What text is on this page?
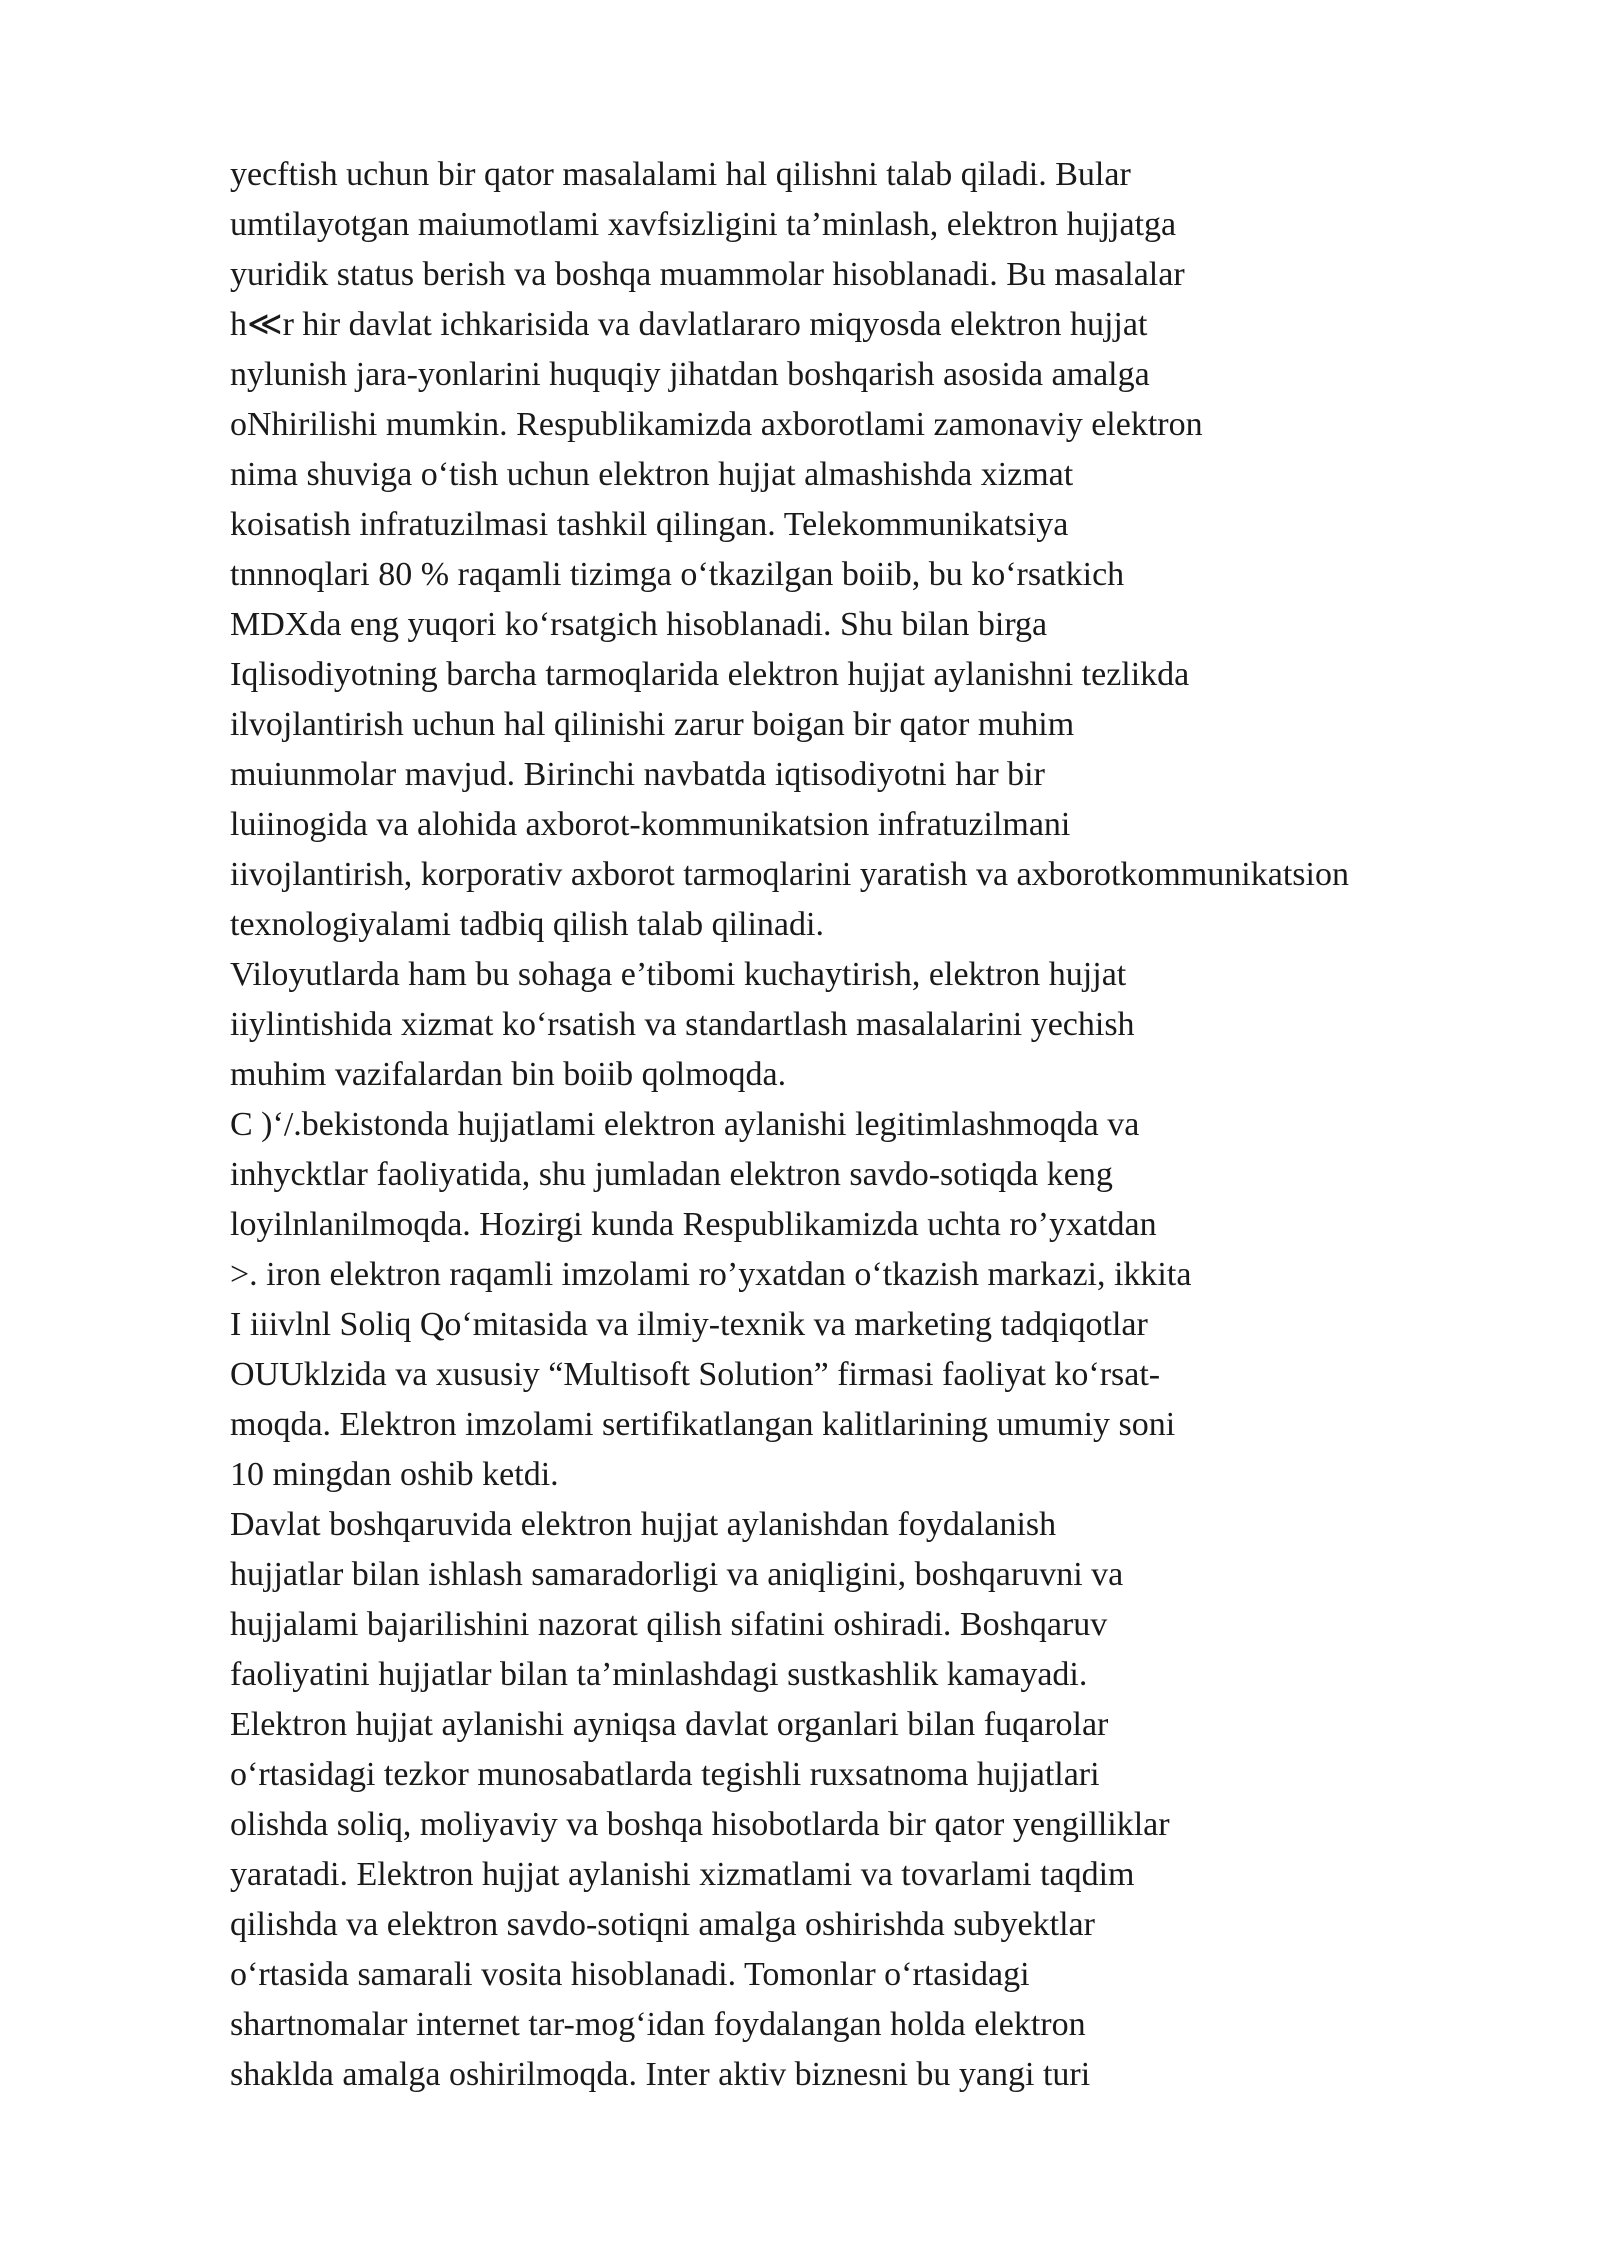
yecftish uchun bir qator masalalami hal qilishni talab qiladi. Bular
umtilayotgan maiumotlami xavfsizligini ta’minlash, elektron hujjatga
yuridik status berish va boshqa muammolar hisoblanadi. Bu masalalar
h≪r hir davlat ichkarisida va davlatlararo miqyosda elektron hujjat
nylunish jara-yonlarini huquqiy jihatdan boshqarish asosida amalga
oNhirilishi mumkin. Respublikamizda axborotlami zamonaviy elektron
nima shuviga o‘tish uchun elektron hujjat almashishda xizmat
koisatish infratuzilmasi tashkil qilingan. Telekommunikatsiya
tnnnoqlari 80 % raqamli tizimga o‘tkazilgan boiib, bu ko‘rsatkich
MDXda eng yuqori ko‘rsatgich hisoblanadi. Shu bilan birga
Iqlisodiyotning barcha tarmoqlarida elektron hujjat aylanishni tezlikda
ilvojlantirish uchun hal qilinishi zarur boigan bir qator muhim
muiunmolar mavjud. Birinchi navbatda iqtisodiyotni har bir
luiinogida va alohida axborot-kommunikatsion infratuzilmani
iivojlantirish, korporativ axborot tarmoqlarini yaratish va axborotkommunikatsion
texnologiyalami tadbiq qilish talab qilinadi.
Viloyutlarda ham bu sohaga e’tibomi kuchaytirish, elektron hujjat
iiylintishida xizmat ko‘rsatish va standartlash masalalarini yechish
muhim vazifalardan bin boiib qolmoqda.
C )‘/.bekistonda hujjatlami elektron aylanishi legitimlashmoqda va
inhycktlar faoliyatida, shu jumladan elektron savdo-sotiqda keng
loyilnlanilmoqda. Hozirgi kunda Respublikamizda uchta ro’yxatdan
>. iron elektron raqamli imzolami ro’yxatdan o‘tkazish markazi, ikkita
I iiivlnl Soliq Qo‘mitasida va ilmiy-texnik va marketing tadqiqotlar
OUUklzida va xususiy “Multisoft Solution” firmasi faoliyat ko‘rsat-
moqda. Elektron imzolami sertifikatlangan kalitlarining umumiy soni
10 mingdan oshib ketdi.
Davlat boshqaruvida elektron hujjat aylanishdan foydalanish
hujjatlar bilan ishlash samaradorligi va aniqligini, boshqaruvni va
hujjalami bajarilishini nazorat qilish sifatini oshiradi. Boshqaruv
faoliyatini hujjatlar bilan ta’minlashdagi sustkashlik kamayadi.
Elektron hujjat aylanishi ayniqsa davlat organlari bilan fuqarolar
o‘rtasidagi tezkor munosabatlarda tegishli ruxsatnoma hujjatlari
olishda soliq, moliyaviy va boshqa hisobotlarda bir qator yengilliklar
yaratadi. Elektron hujjat aylanishi xizmatlami va tovarlami taqdim
qilishda va elektron savdo-sotiqni amalga oshirishda subyektlar
o‘rtasida samarali vosita hisoblanadi. Tomonlar o‘rtasidagi
shartnomalar internet tar-mog‘idan foydalangan holda elektron
shaklda amalga oshirilmoqda. Inter aktiv biznesni bu yangi turi
